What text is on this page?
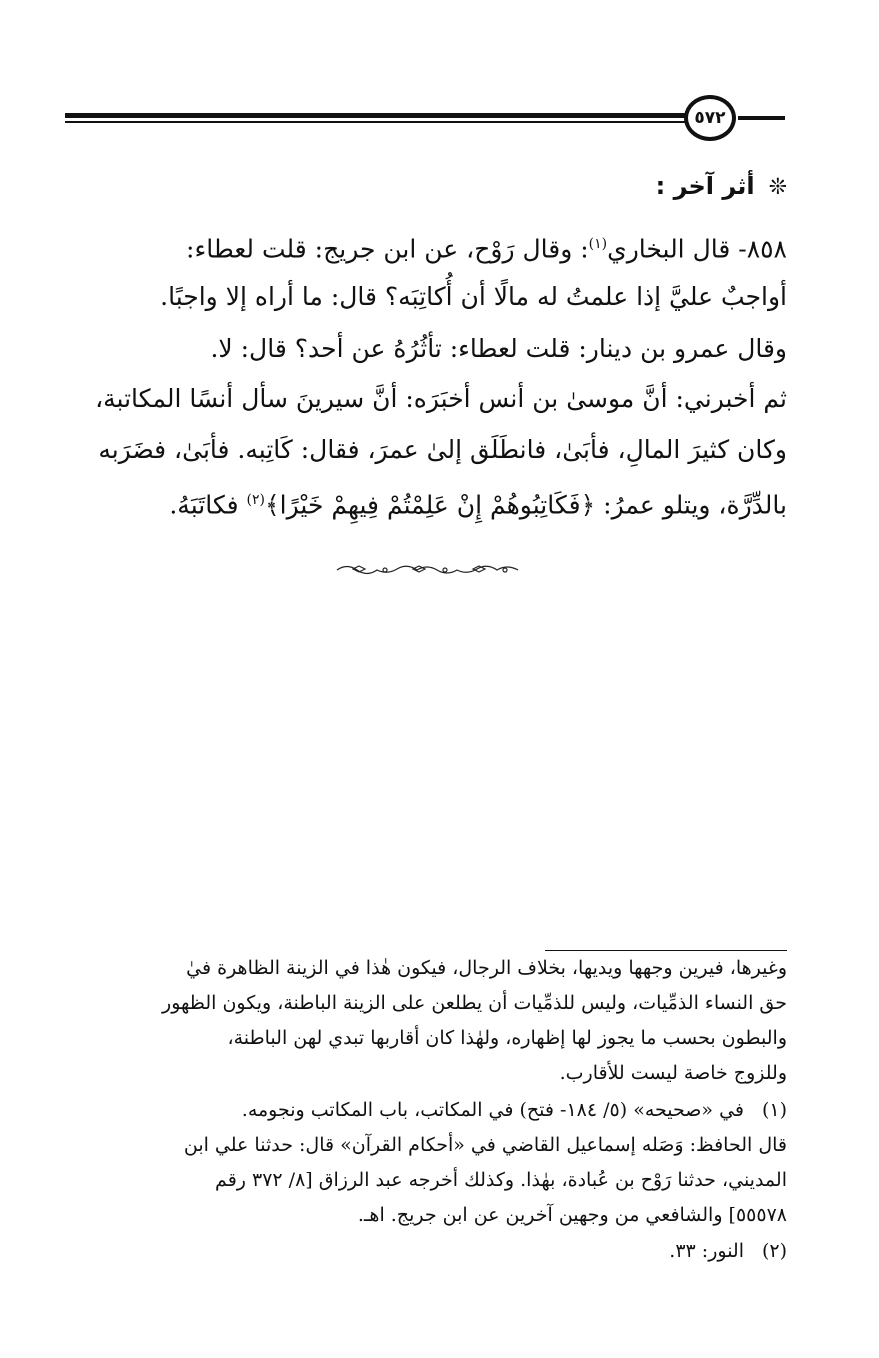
٥٧٢
❊أثر آخر :
٨٥٨- قال البخاري$^{(١)}$: وقال رَوْح، عن ابن جريج: قلت لعطاء:
أواجبٌ عليَّ إذا علمتُ له مالًا أن أُكاتِبَه؟ قال: ما أراه إلا واجبًا.
وقال عمرو بن دينار: قلت لعطاء: تأثُرُهُ عن أحد؟ قال: لا.
ثم أخبرني: أنَّ موسىٰ بن أنس أخبَرَه: أنَّ سيرينَ سأل أنسًا المكاتبة،
وكان كثيرَ المالِ، فأبَىٰ، فانطَلَق إلىٰ عمرَ، فقال: كَاتِبه. فأبَىٰ، فضَرَبه
بالدِّرَّة، ويتلو عمرُ: ﴿فَكَاتِبُوهُمْ إِنْ عَلِمْتُمْ فِيهِمْ خَيْرًا﴾$^{(٢)}$ فكاتَبَهُ.
وغيرها، فيرين وجهها ويديها، بخلاف الرجال، فيكون هٰذا في الزينة الظاهرة فيٰ
حق النساء الذمِّيات، وليس للذمِّيات أن يطلعن على الزينة الباطنة، ويكون الظهور
والبطون بحسب ما يجوز لها إظهاره، ولهٰذا كان أقاربها تبدي لهن الباطنة،
وللزوج خاصة ليست للأقارب.
(١)
في «صحيحه» (٥/ ١٨٤- فتح) في المكاتب، باب المكاتب ونجومه.
قال الحافظ: وَصَله إسماعيل القاضي في «أحكام القرآن» قال: حدثنا علي ابن
المديني، حدثنا رَوْح بن عُبادة، بهٰذا. وكذلك أخرجه عبد الرزاق [٨/ ٣٧٢ رقم
٥٥٥٧٨] والشافعي من وجهين آخرين عن ابن جريج. اهـ.
(٢)
النور: ٣٣.
